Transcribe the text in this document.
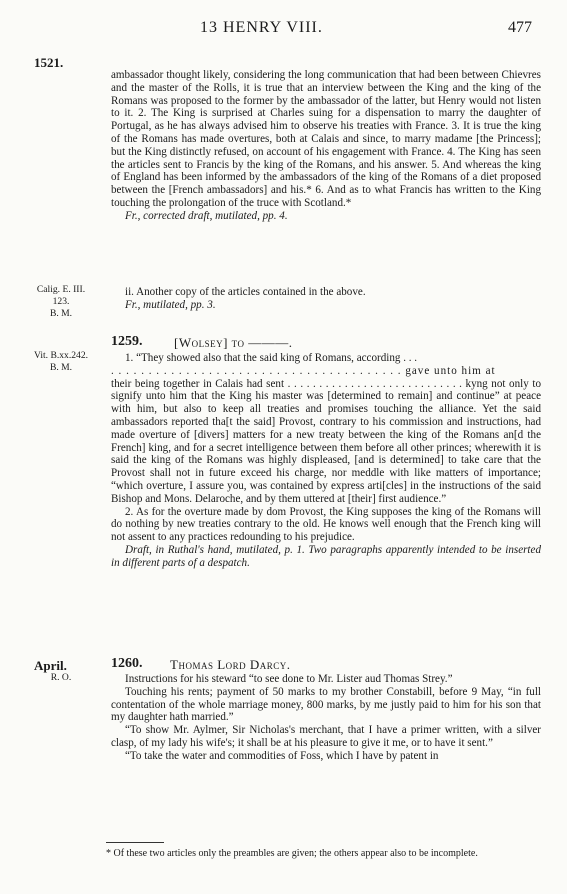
13 HENRY VIII.	477
1521.

ambassador thought likely, considering the long communication that had been between Chievres and the master of the Rolls, it is true that an interview between the King and the king of the Romans was proposed to the former by the ambassador of the latter, but Henry would not listen to it. 2. The King is surprised at Charles suing for a dispensation to marry the daughter of Portugal, as he has always advised him to observe his treaties with France. 3. It is true the king of the Romans has made overtures, both at Calais and since, to marry madame [the Princess]; but the King distinctly refused, on account of his engagement with France. 4. The King has seen the articles sent to Francis by the king of the Romans, and his answer. 5. And whereas the king of England has been informed by the ambassadors of the king of the Romans of a diet proposed between the [French ambassadors] and his.* 6. And as to what Francis has written to the King touching the prolongation of the truce with Scotland.*

Fr., corrected draft, mutilated, pp. 4.

Calig. E. III.
123.
B. M.

ii. Another copy of the articles contained in the above.

Fr., mutilated, pp. 3.

1259. [Wolsey] to ———.
Vit. B.xx.242.
B. M.

1. “They showed also that the said king of Romans, according . . .

. . . . . . . . . . . . . . . . . . . . . . . . . . . . . . . . . . . . . . . gave unto him at

their being together in Calais had sent . . . . . . . . . . . . . . . . . . . . . . . . . . . . kyng not only to signify unto him that the King his master was [determined to remain] and continue” at peace with him, but also to keep all treaties and promises touching the alliance. Yet the said ambassadors reported tha[t the said] Provost, contrary to his commission and instructions, had made overture of [divers] matters for a new treaty between the king of the Romans an[d the French] king, and for a secret intelligence between them before all other princes; wherewith it is said the king of the Romans was highly displeased, [and is determined] to take care that the Provost shall not in future exceed his charge, nor meddle with like matters of importance; “which overture, I assure you, was contained by express arti[cles] in the instructions of the said Bishop and Mons. Delaroche, and by them uttered at [their] first audience.”

2. As for the overture made by dom Provost, the King supposes the king of the Romans will do nothing by new treaties contrary to the old. He knows well enough that the French king will not assent to any practices redounding to his prejudice.

Draft, in Ruthal's hand, mutilated, p. 1. Two paragraphs apparently intended to be inserted in different parts of a despatch.

April.
R. O.
1260. Thomas Lord Darcy.

Instructions for his steward “to see done to Mr. Lister aud Thomas Strey.”

Touching his rents; payment of 50 marks to my brother Constabill, before 9 May, “in full contentation of the whole marriage money, 800 marks, by me justly paid to him for his son that my daughter hath married.”

“To show Mr. Aylmer, Sir Nicholas's merchant, that I have a primer written, with a silver clasp, of my lady his wife's; it shall be at his pleasure to give it me, or to have it sent.”

“To take the water and commodities of Foss, which I have by patent in

* Of these two articles only the preambles are given; the others appear also to be incomplete.
